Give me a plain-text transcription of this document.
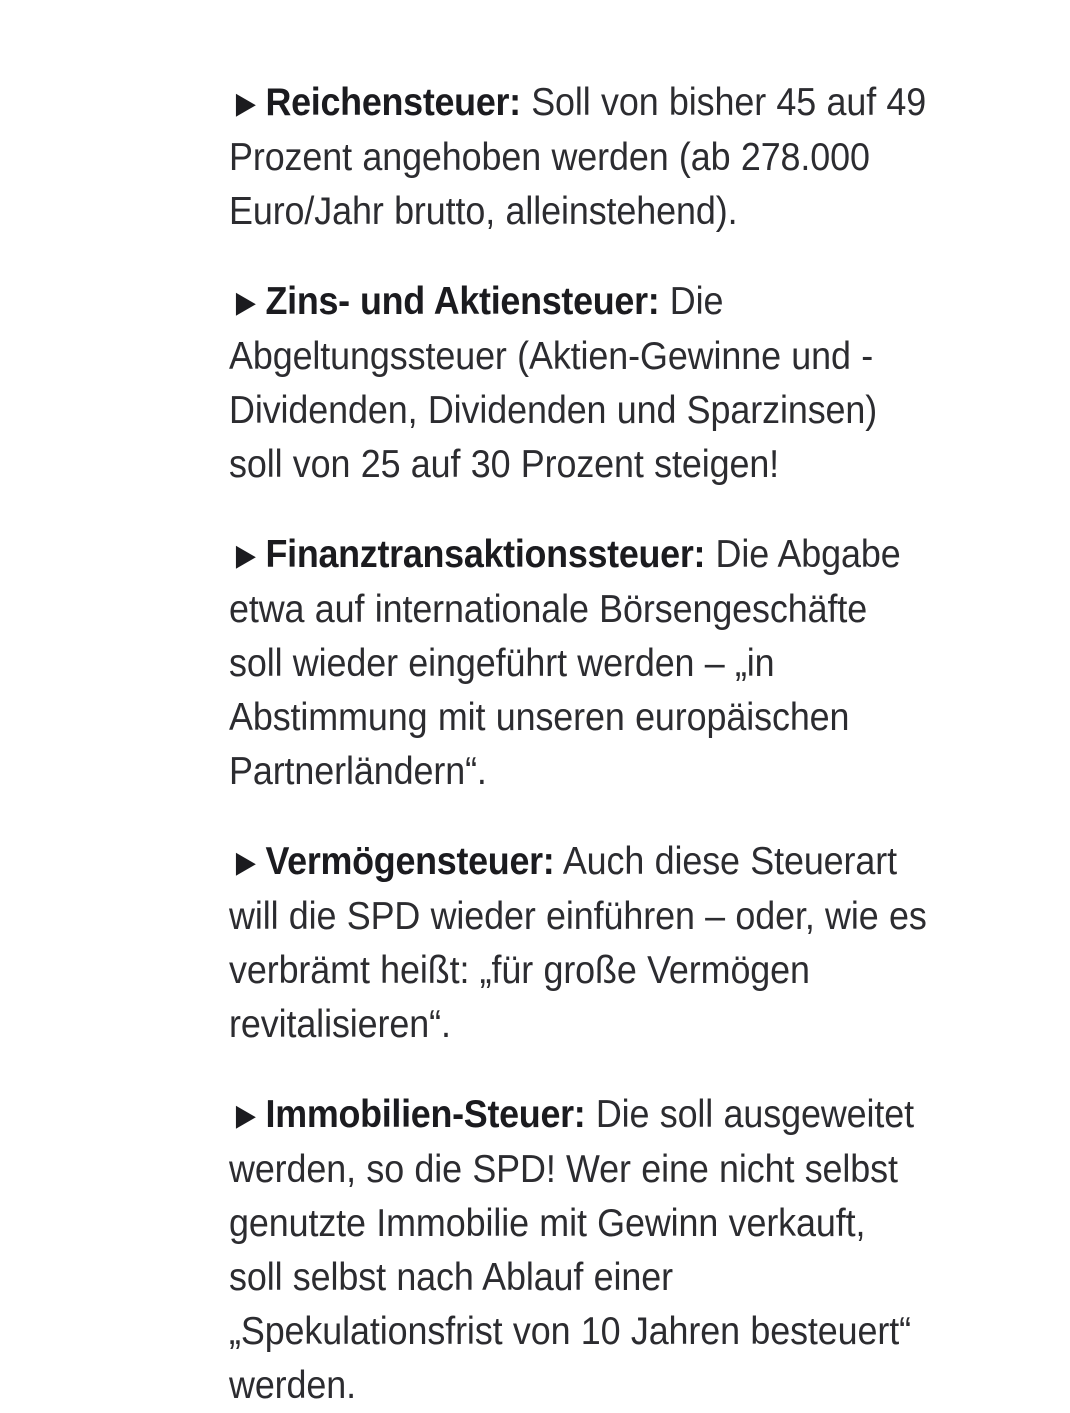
▶ Reichensteuer: Soll von bisher 45 auf 49 Prozent angehoben werden (ab 278.000 Euro/Jahr brutto, alleinstehend).

▶ Zins- und Aktiensteuer: Die Abgeltungssteuer (Aktien-Gewinne und -Dividenden, Dividenden und Sparzinsen) soll von 25 auf 30 Prozent steigen!

▶ Finanztransaktionssteuer: Die Abgabe etwa auf internationale Börsengeschäfte soll wieder eingeführt werden – „in Abstimmung mit unseren europäischen Partnerländern“.

▶ Vermögensteuer: Auch diese Steuerart will die SPD wieder einführen – oder, wie es verbrämt heißt: „für große Vermögen revitalisieren“.

▶ Immobilien-Steuer: Die soll ausgeweitet werden, so die SPD! Wer eine nicht selbst genutzte Immobilie mit Gewinn verkauft, soll selbst nach Ablauf einer „Spekulationsfrist von 10 Jahren besteuert“ werden.
